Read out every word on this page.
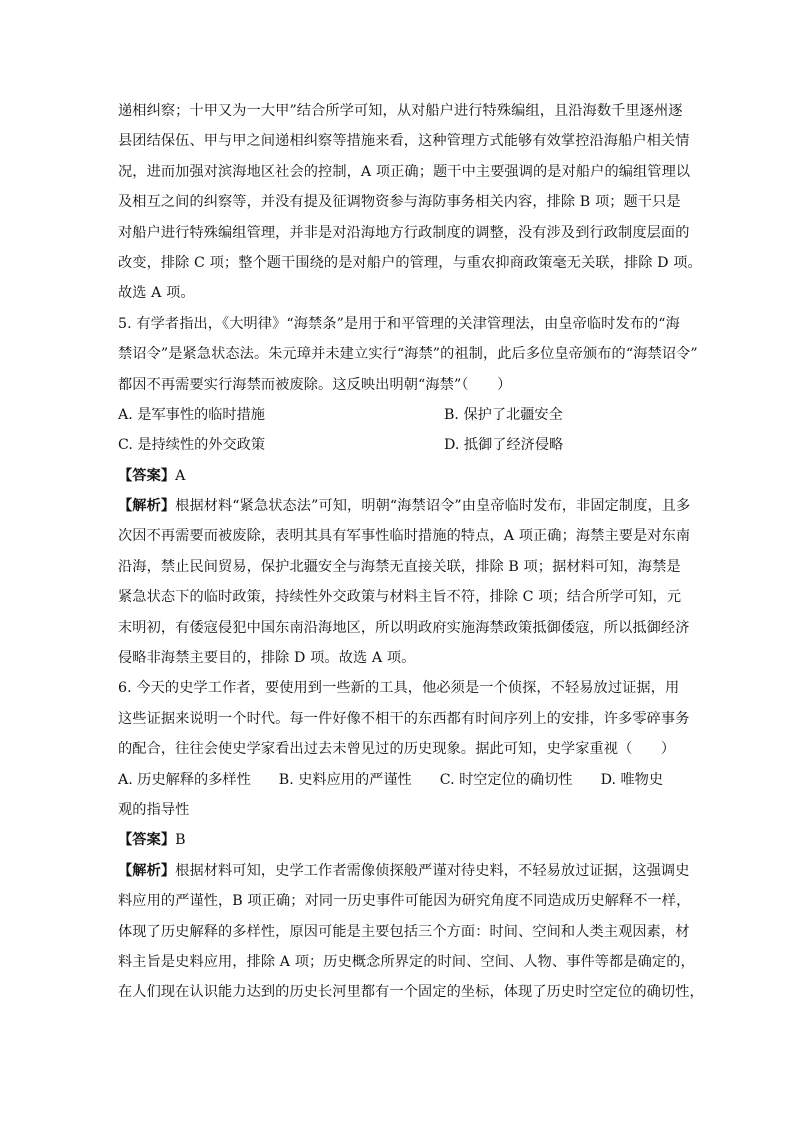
递相纠察；十甲又为一大甲”结合所学可知，从对船户进行特殊编组，且沿海数千里逐州逐
县团结保伍、甲与甲之间递相纠察等措施来看，这种管理方式能够有效掌控沿海船户相关情
况，进而加强对滨海地区社会的控制，A 项正确；题干中主要强调的是对船户的编组管理以
及相互之间的纠察等，并没有提及征调物资参与海防事务相关内容，排除 B 项；题干只是
对船户进行特殊编组管理，并非是对沿海地方行政制度的调整，没有涉及到行政制度层面的
改变，排除 C 项；整个题干围绕的是对船户的管理，与重农抑商政策毫无关联，排除 D 项。
故选 A 项。
5. 有学者指出，《大明律》“海禁条”是用于和平管理的关津管理法，由皇帝临时发布的“海
禁诏令”是紧急状态法。朱元璋并未建立实行“海禁”的祖制，此后多位皇帝颁布的“海禁诏令”
都因不再需要实行海禁而被废除。这反映出明朝“海禁”（　　）
A. 是军事性的临时措施	B. 保护了北疆安全
C. 是持续性的外交政策	D. 抵御了经济侵略
【答案】A
【解析】根据材料“紧急状态法”可知，明朝“海禁诏令”由皇帝临时发布，非固定制度，且多
次因不再需要而被废除，表明其具有军事性临时措施的特点，A 项正确；海禁主要是对东南
沿海，禁止民间贸易，保护北疆安全与海禁无直接关联，排除 B 项；据材料可知，海禁是
紧急状态下的临时政策，持续性外交政策与材料主旨不符，排除 C 项；结合所学可知，元
末明初，有倭寇侵犯中国东南沿海地区，所以明政府实施海禁政策抵御倭寇，所以抵御经济
侵略非海禁主要目的，排除 D 项。故选 A 项。
6. 今天的史学工作者，要使用到一些新的工具，他必须是一个侦探，不轻易放过证据，用
这些证据来说明一个时代。每一件好像不相干的东西都有时间序列上的安排，许多零碎事务
的配合，往往会使史学家看出过去未曾见过的历史现象。据此可知，史学家重视（　　）
A. 历史解释的多样性 B. 史料应用的严谨性 C. 时空定位的确切性 D. 唯物史
观的指导性
【答案】B
【解析】根据材料可知，史学工作者需像侦探般严谨对待史料，不轻易放过证据，这强调史
料应用的严谨性，B 项正确；对同一历史事件可能因为研究角度不同造成历史解释不一样，
体现了历史解释的多样性，原因可能是主要包括三个方面：时间、空间和人类主观因素，材
料主旨是史料应用，排除 A 项；历史概念所界定的时间、空间、人物、事件等都是确定的，
在人们现在认识能力达到的历史长河里都有一个固定的坐标，体现了历史时空定位的确切性，
